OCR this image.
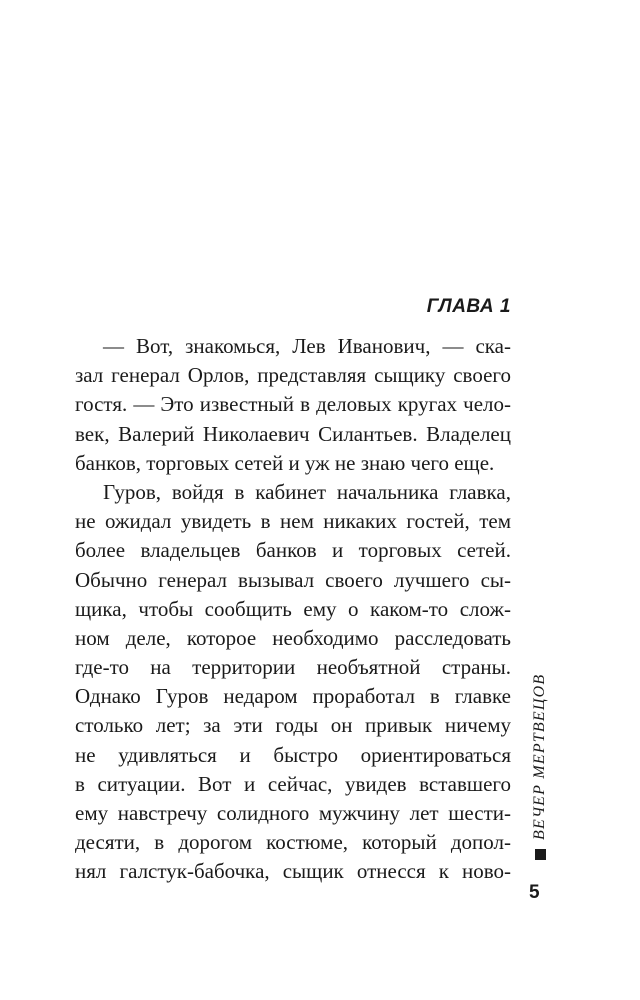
ГЛАВА 1
— Вот, знакомься, Лев Иванович, — ска-
зал генерал Орлов, представляя сыщику своего
гостя. — Это известный в деловых кругах чело-
век, Валерий Николаевич Силантьев. Владелец
банков, торговых сетей и уж не знаю чего еще.
Гуров, войдя в кабинет начальника главка,
не ожидал увидеть в нем никаких гостей, тем
более владельцев банков и торговых сетей.
Обычно генерал вызывал своего лучшего сы-
щика, чтобы сообщить ему о каком-то слож-
ном деле, которое необходимо расследовать
где-то на территории необъятной страны.
Однако Гуров недаром проработал в главке
столько лет; за эти годы он привык ничему
не удивляться и быстро ориентироваться
в ситуации. Вот и сейчас, увидев вставшего
ему навстречу солидного мужчину лет шести-
десяти, в дорогом костюме, который допол-
нял галстук-бабочка, сыщик отнесся к ново-
ВЕЧЕР МЕРТВЕЦОВ
5
